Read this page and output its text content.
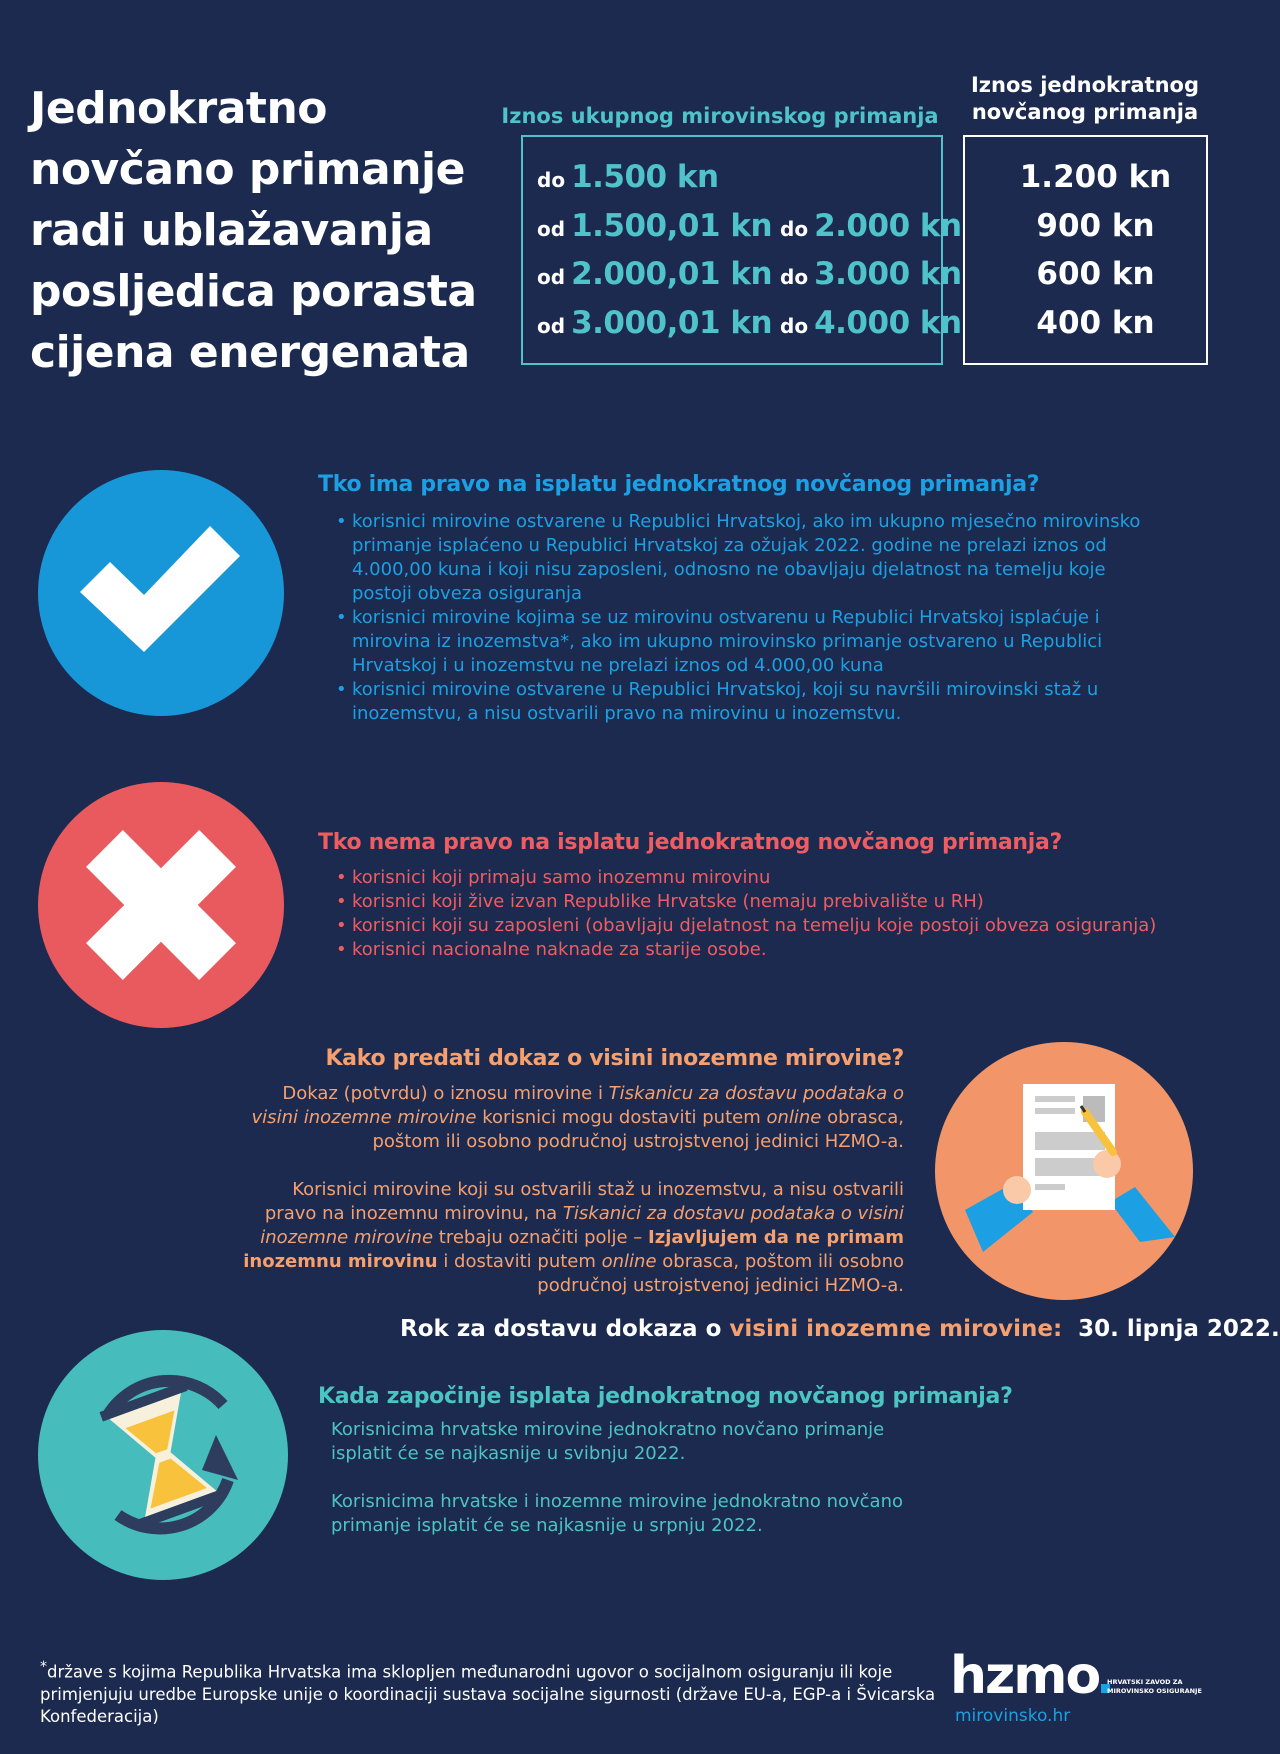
Jednokratno
novčano primanje
radi ublažavanja
posljedica porasta
cijena energenata
Iznos ukupnog mirovinskog primanja
Iznos jednokratnog
novčanog primanja
do 1.500 kn
od 1.500,01 kn do 2.000 kn
od 2.000,01 kn do 3.000 kn
od 3.000,01 kn do 4.000 kn
1.200 kn
900 kn
600 kn
400 kn
Tko ima pravo na isplatu jednokratnog novčanog primanja?
• korisnici mirovine ostvarene u Republici Hrvatskoj, ako im ukupno mjesečno mirovinsko primanje isplaćeno u Republici Hrvatskoj za ožujak 2022. godine ne prelazi iznos od 4.000,00 kuna i koji nisu zaposleni, odnosno ne obavljaju djelatnost na temelju koje postoji obveza osiguranja
• korisnici mirovine kojima se uz mirovinu ostvarenu u Republici Hrvatskoj isplaćuje i mirovina iz inozemstva*, ako im ukupno mirovinsko primanje ostvareno u Republici Hrvatskoj i u inozemstvu ne prelazi iznos od 4.000,00 kuna
• korisnici mirovine ostvarene u Republici Hrvatskoj, koji su navršili mirovinski staž u inozemstvu, a nisu ostvarili pravo na mirovinu u inozemstvu.
Tko nema pravo na isplatu jednokratnog novčanog primanja?
• korisnici koji primaju samo inozemnu mirovinu
• korisnici koji žive izvan Republike Hrvatske (nemaju prebivalište u RH)
• korisnici koji su zaposleni (obavljaju djelatnost na temelju koje postoji obveza osiguranja)
• korisnici nacionalne naknade za starije osobe.
Kako predati dokaz o visini inozemne mirovine?

Dokaz (potvrdu) o iznosu mirovine i Tiskanicu za dostavu podataka o visini inozemne mirovine korisnici mogu dostaviti putem online obrasca, poštom ili osobno područnoj ustrojstvenoj jedinici HZMO-a.

Korisnici mirovine koji su ostvarili staž u inozemstvu, a nisu ostvarili pravo na inozemnu mirovinu, na Tiskanici za dostavu podataka o visini inozemne mirovine trebaju označiti polje – Izjavljujem da ne primam inozemnu mirovinu i dostaviti putem online obrasca, poštom ili osobno područnoj ustrojstvenoj jedinici HZMO-a.

Rok za dostavu dokaza o visini inozemne mirovine: 30. lipnja 2022.
Kada započinje isplata jednokratnog novčanog primanja?

Korisnicima hrvatske mirovine jednokratno novčano primanje isplatit će se najkasnije u svibnju 2022.

Korisnicima hrvatske i inozemne mirovine jednokratno novčano primanje isplatit će se najkasnije u srpnju 2022.

*države s kojima Republika Hrvatska ima sklopljen međunarodni ugovor o socijalnom osiguranju ili koje primjenjuju uredbe Europske unije o koordinaciji sustava socijalne sigurnosti (države EU-a, EGP-a i Švicarska Konfederacija)
hzmo	HRVATSKI ZAVOD ZA
MIROVINSKO OSIGURANJE
mirovinsko.hr
